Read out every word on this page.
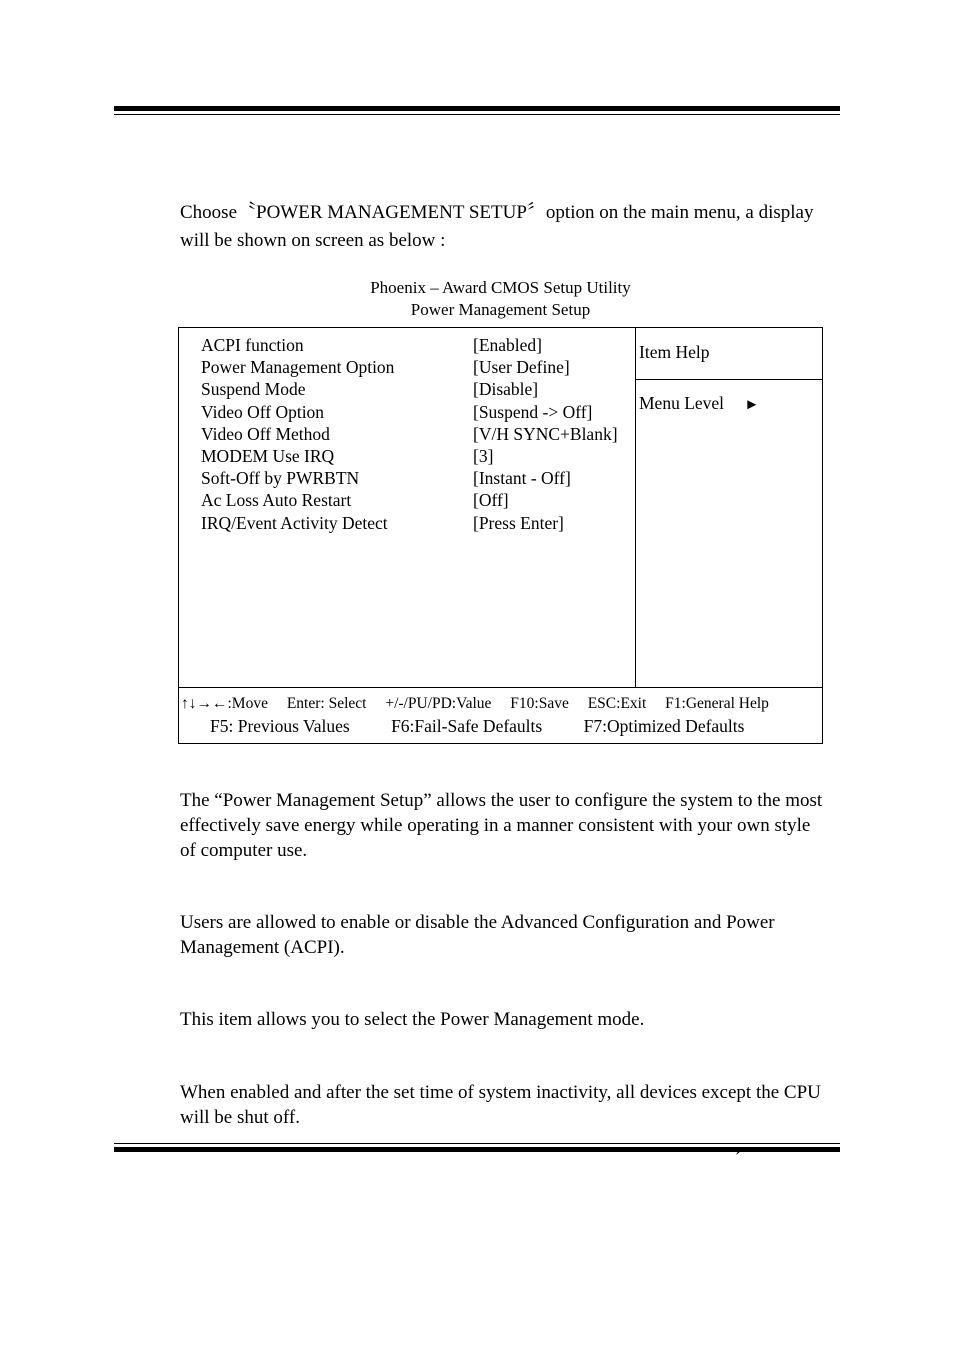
Choose〝POWER MANAGEMENT SETUP〞option on the main menu, a display will be shown on screen as below :
Phoenix – Award CMOS Setup Utility
Power Management Setup
ACPI function	[Enabled]
Power Management Option	[User Define]
Suspend Mode	[Disable]
Video Off Option	[Suspend -> Off]
Video Off Method	[V/H SYNC+Blank]
MODEM Use IRQ	[3]
Soft-Off by PWRBTN	[Instant - Off]
Ac Loss Auto Restart	[Off]
IRQ/Event Activity Detect	[Press Enter]
Item Help
Menu Level ►
↑↓→←:Move Enter: Select +/-/PU/PD:Value F10:Save ESC:Exit F1:General Help
F5: Previous Values F6:Fail-Safe Defaults F7:Optimized Defaults
The “Power Management Setup” allows the user to configure the system to the most effectively save energy while operating in a manner consistent with your own style of computer use.
Users are allowed to enable or disable the Advanced Configuration and Power Management (ACPI).
This item allows you to select the Power Management mode.
When enabled and after the set time of system inactivity, all devices except the CPU will be shut off.
ˊ
